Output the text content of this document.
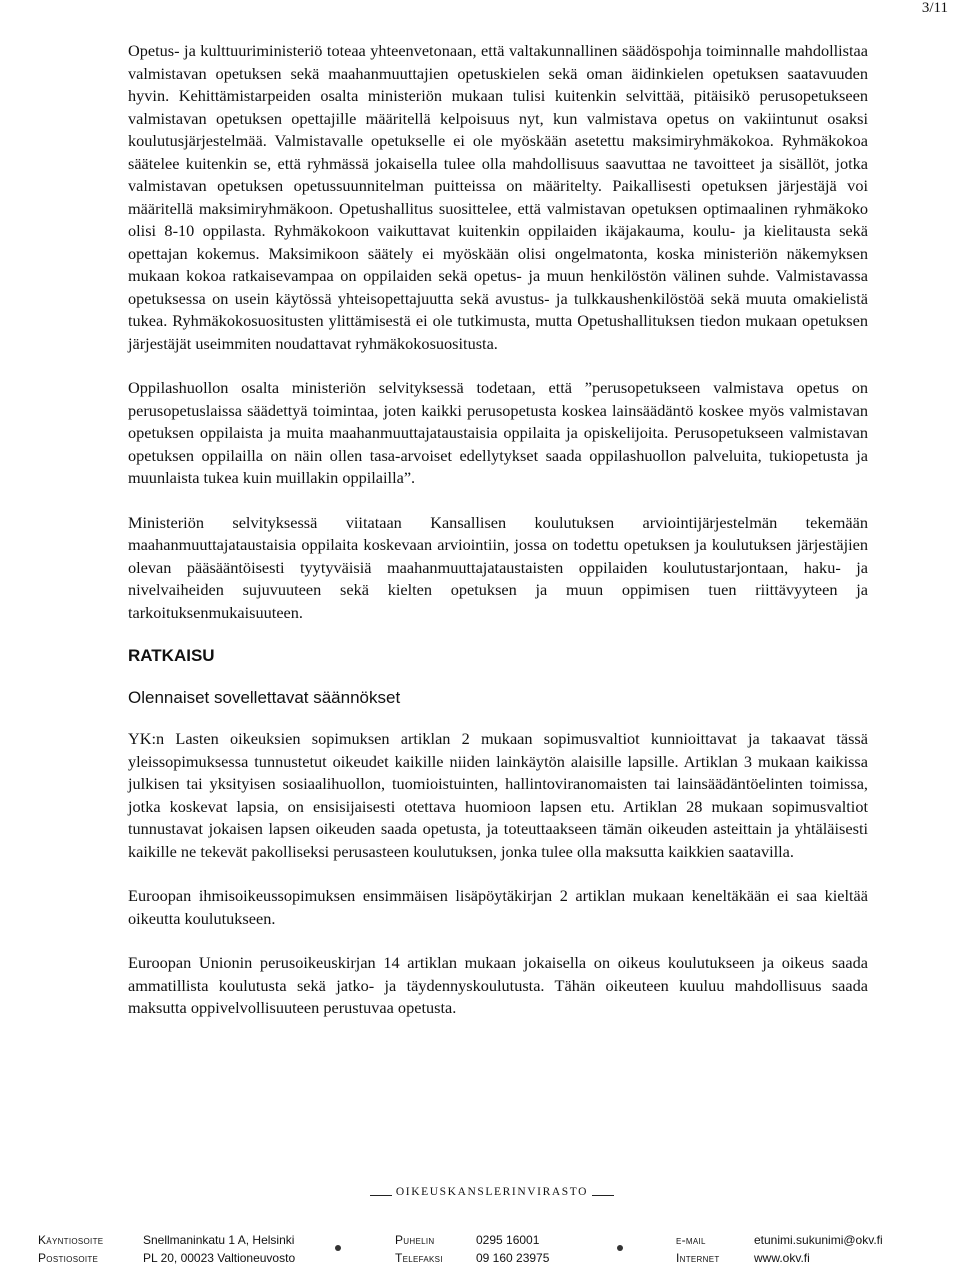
3/11

Opetus- ja kulttuuriministeriö toteaa yhteenvetonaan, että valtakunnallinen säädöspohja toiminnalle mahdollistaa valmistavan opetuksen sekä maahanmuuttajien opetuskielen sekä oman äidinkielen opetuksen saatavuuden hyvin. Kehittämistarpeiden osalta ministeriön mukaan tulisi kuitenkin selvittää, pitäisikö perusopetukseen valmistavan opetuksen opettajille määritellä kelpoisuus nyt, kun valmistava opetus on vakiintunut osaksi koulutusjärjestelmää. Valmistavalle opetukselle ei ole myöskään asetettu maksimiryhmäkokoa. Ryhmäkokoa säätelee kuitenkin se, että ryhmässä jokaisella tulee olla mahdollisuus saavuttaa ne tavoitteet ja sisällöt, jotka valmistavan opetuksen opetussuunnitelman puitteissa on määritelty. Paikallisesti opetuksen järjestäjä voi määritellä maksimiryhmäkoon. Opetushallitus suosittelee, että valmistavan opetuksen optimaalinen ryhmäkoko olisi 8-10 oppilasta. Ryhmäkokoon vaikuttavat kuitenkin oppilaiden ikäjakauma, koulu- ja kielitausta sekä opettajan kokemus. Maksimikoon säätely ei myöskään olisi ongelmatonta, koska ministeriön näkemyksen mukaan kokoa ratkaisevampaa on oppilaiden sekä opetus- ja muun henkilöstön välinen suhde. Valmistavassa opetuksessa on usein käytössä yhteisopettajuutta sekä avustus- ja tulkkaushenkilöstöä sekä muuta omakielistä tukea. Ryhmäkokosuositusten ylittämisestä ei ole tutkimusta, mutta Opetushallituksen tiedon mukaan opetuksen järjestäjät useimmiten noudattavat ryhmäkokosuositusta.

Oppilashuollon osalta ministeriön selvityksessä todetaan, että ”perusopetukseen valmistava opetus on perusopetuslaissa säädettyä toimintaa, joten kaikki perusopetusta koskea lainsäädäntö koskee myös valmistavan opetuksen oppilaista ja muita maahanmuuttajataustaisia oppilaita ja opiskelijoita. Perusopetukseen valmistavan opetuksen oppilailla on näin ollen tasa-arvoiset edellytykset saada oppilashuollon palveluita, tukiopetusta ja muunlaista tukea kuin muillakin oppilailla”.

Ministeriön selvityksessä viitataan Kansallisen koulutuksen arviointijärjestelmän tekemään maahanmuuttajataustaisia oppilaita koskevaan arviointiin, jossa on todettu opetuksen ja koulutuksen järjestäjien olevan pääsääntöisesti tyytyväisiä maahanmuuttajataustaisten oppilaiden koulutustarjontaan, haku- ja nivelvaiheiden sujuvuuteen sekä kielten opetuksen ja muun oppimisen tuen riittävyyteen ja tarkoituksenmukaisuuteen.

RATKAISU
Olennaiset sovellettavat säännökset

YK:n Lasten oikeuksien sopimuksen artiklan 2 mukaan sopimusvaltiot kunnioittavat ja takaavat tässä yleissopimuksessa tunnustetut oikeudet kaikille niiden lainkäytön alaisille lapsille. Artiklan 3 mukaan kaikissa julkisen tai yksityisen sosiaalihuollon, tuomioistuinten, hallintoviranomaisten tai lainsäädäntöelinten toimissa, jotka koskevat lapsia, on ensisijaisesti otettava huomioon lapsen etu. Artiklan 28 mukaan sopimusvaltiot tunnustavat jokaisen lapsen oikeuden saada opetusta, ja toteuttaakseen tämän oikeuden asteittain ja yhtäläisesti kaikille ne tekevät pakolliseksi perusasteen koulutuksen, jonka tulee olla maksutta kaikkien saatavilla.

Euroopan ihmisoikeussopimuksen ensimmäisen lisäpöytäkirjan 2 artiklan mukaan keneltäkään ei saa kieltää oikeutta koulutukseen.

Euroopan Unionin perusoikeuskirjan 14 artiklan mukaan jokaisella on oikeus koulutukseen ja oikeus saada ammatillista koulutusta sekä jatko- ja täydennyskoulutusta. Tähän oikeuteen kuuluu mahdollisuus saada maksutta oppivelvollisuuteen perustuvaa opetusta.

OIKEUSKANSLERINVIRASTO
Käyntiosoite	Snellmaninkatu 1 A, Helsinki
Postiosoite	PL 20, 00023 Valtioneuvosto
Puhelin	0295 16001
Telefaksi	09 160 23975
e-mail	etunimi.sukunimi@okv.fi
Internet	www.okv.fi
